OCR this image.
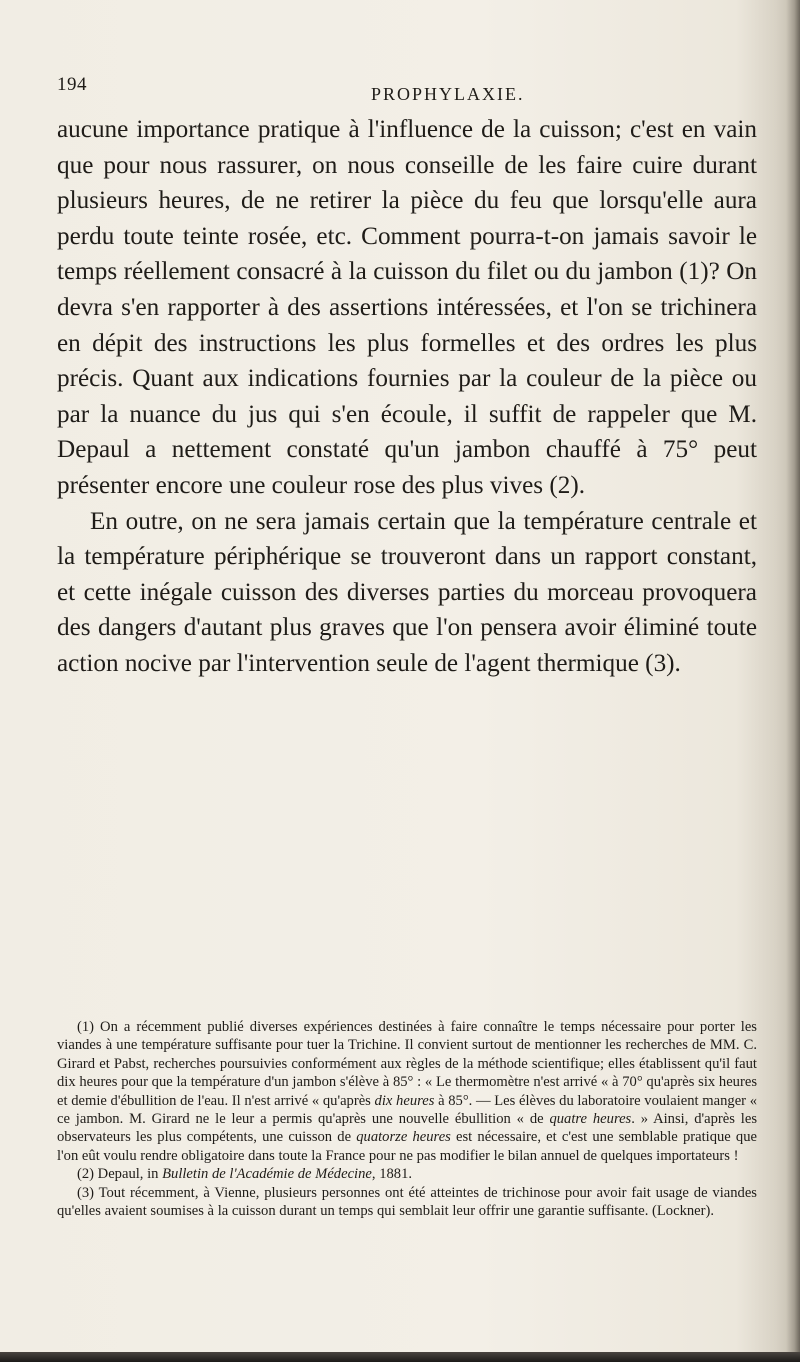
194	PROPHYLAXIE.

aucune importance pratique à l'influence de la cuisson; c'est en vain que pour nous rassurer, on nous conseille de les faire cuire durant plusieurs heures, de ne retirer la pièce du feu que lorsqu'elle aura perdu toute teinte rosée, etc. Comment pourra-t-on jamais savoir le temps réellement consacré à la cuisson du filet ou du jambon (1)? On devra s'en rapporter à des assertions intéressées, et l'on se trichinera en dépit des instructions les plus formelles et des ordres les plus précis. Quant aux indications fournies par la couleur de la pièce ou par la nuance du jus qui s'en écoule, il suffit de rappeler que M. Depaul a nettement constaté qu'un jambon chauffé à 75° peut présenter encore une couleur rose des plus vives (2).

En outre, on ne sera jamais certain que la température centrale et la température périphérique se trouveront dans un rapport constant, et cette inégale cuisson des diverses parties du morceau provoquera des dangers d'autant plus graves que l'on pensera avoir éliminé toute action nocive par l'intervention seule de l'agent thermique (3).

(1) On a récemment publié diverses expériences destinées à faire connaître le temps nécessaire pour porter les viandes à une température suffisante pour tuer la Trichine. Il convient surtout de mentionner les recherches de MM. C. Girard et Pabst, recherches poursuivies conformément aux règles de la méthode scientifique; elles établissent qu'il faut dix heures pour que la température d'un jambon s'élève à 85° : « Le thermomètre n'est arrivé « à 70° qu'après six heures et demie d'ébullition de l'eau. Il n'est arrivé « qu'après dix heures à 85°. — Les élèves du laboratoire voulaient manger « ce jambon. M. Girard ne le leur a permis qu'après une nouvelle ébullition « de quatre heures. » Ainsi, d'après les observateurs les plus compétents, une cuisson de quatorze heures est nécessaire, et c'est une semblable pratique que l'on eût voulu rendre obligatoire dans toute la France pour ne pas modifier le bilan annuel de quelques importateurs !

(2) Depaul, in Bulletin de l'Académie de Médecine, 1881.

(3) Tout récemment, à Vienne, plusieurs personnes ont été atteintes de trichinose pour avoir fait usage de viandes qu'elles avaient soumises à la cuisson durant un temps qui semblait leur offrir une garantie suffisante. (Lockner).
